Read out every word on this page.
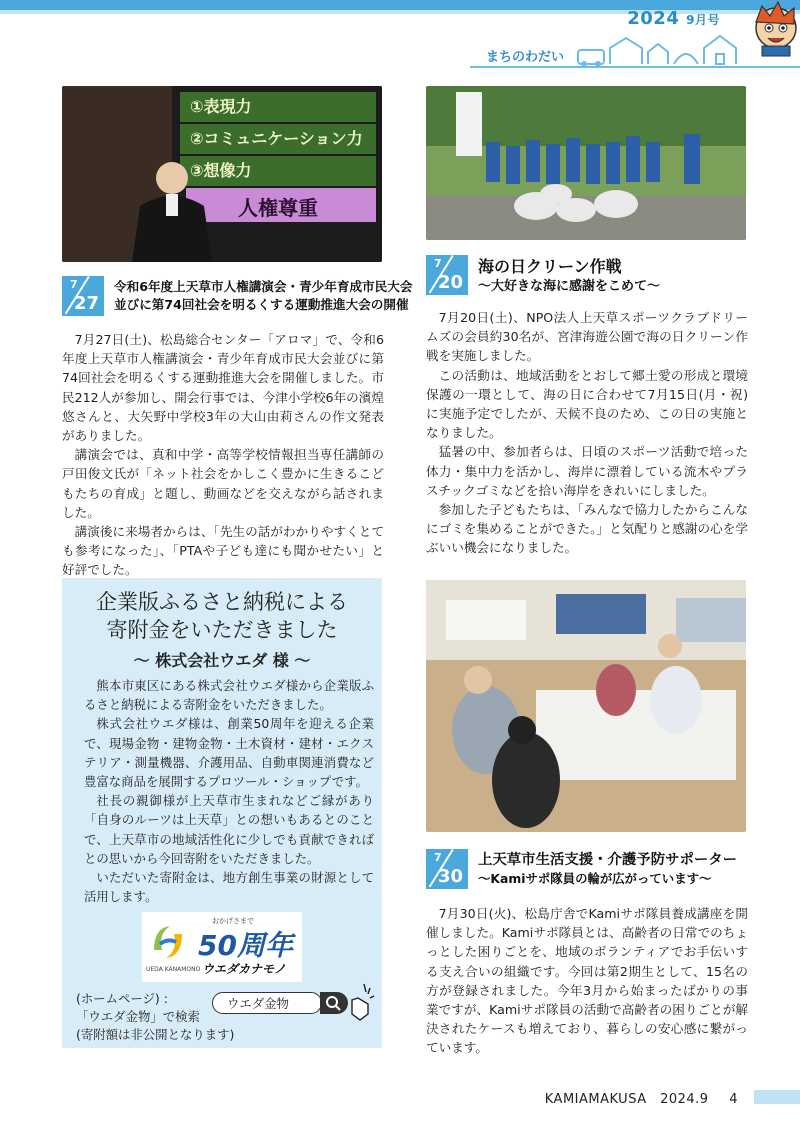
2024 9月号
まちのわだい
①表現力
②コミュニケーション力
③想像力
人権尊重
7
27
令和6年度上天草市人権講演会・青少年育成市民大会
並びに第74回社会を明るくする運動推進大会の開催

7月27日(土)、松島総合センター「アロマ」で、令和6年度上天草市人権講演会・青少年育成市民大会並びに第74回社会を明るくする運動推進大会を開催しました。市民212人が参加し、開会行事では、今津小学校6年の濱煌悠さんと、大矢野中学校3年の大山由莉さんの作文発表がありました。

講演会では、真和中学・高等学校情報担当専任講師の戸田俊文氏が「ネット社会をかしこく豊かに生きるこどもたちの育成」と題し、動画などを交えながら話されました。

講演後に来場者からは、「先生の話がわかりやすくとても参考になった」、「PTAや子ども達にも聞かせたい」と好評でした。

7
20
海の日クリーン作戦
～大好きな海に感謝をこめて～

7月20日(土)、NPO法人上天草スポーツクラブドリームズの会員約30名が、宮津海遊公園で海の日クリーン作戦を実施しました。

この活動は、地域活動をとおして郷土愛の形成と環境保護の一環として、海の日に合わせて7月15日(月・祝)に実施予定でしたが、天候不良のため、この日の実施となりました。

猛暑の中、参加者らは、日頃のスポーツ活動で培った体力・集中力を活かし、海岸に漂着している流木やプラスチックゴミなどを拾い海岸をきれいにしました。

参加した子どもたちは、「みんなで協力したからこんなにゴミを集めることができた。」と気配りと感謝の心を学ぶいい機会になりました。

企業版ふるさと納税による
寄附金をいただきました
～ 株式会社ウエダ 様 ～

熊本市東区にある株式会社ウエダ様から企業版ふるさと納税による寄附金をいただきました。

株式会社ウエダ様は、創業50周年を迎える企業で、現場金物・建物金物・土木資材・建材・エクステリア・測量機器、介護用品、自動車関連消費など豊富な商品を展開するプロツール・ショップです。

社長の親御様が上天草市生まれなどご縁があり「自身のルーツは上天草」との想いもあるとのことで、上天草市の地域活性化に少しでも貢献できればとの思いから今回寄附をいただきました。

いただいた寄附金は、地方創生事業の財源として活用します。

UEDA KANAMONO
おかげさまで
50周年
ウエダカナモノ
(ホームページ) :
「ウエダ金物」で検索
(寄附額は非公開となります)
ウエダ金物
7
30
上天草市生活支援・介護予防サポーター
～Kamiサポ隊員の輪が広がっています～

7月30日(火)、松島庁舎でKamiサポ隊員養成講座を開催しました。Kamiサポ隊員とは、高齢者の日常でのちょっとした困りごとを、地域のボランティアでお手伝いする支え合いの組織です。今回は第2期生として、15名の方が登録されました。今年3月から始まったばかりの事業ですが、Kamiサポ隊員の活動で高齢者の困りごとが解決されたケースも増えており、暮らしの安心感に繋がっています。

KAMIAMAKUSA　2024.9 4
